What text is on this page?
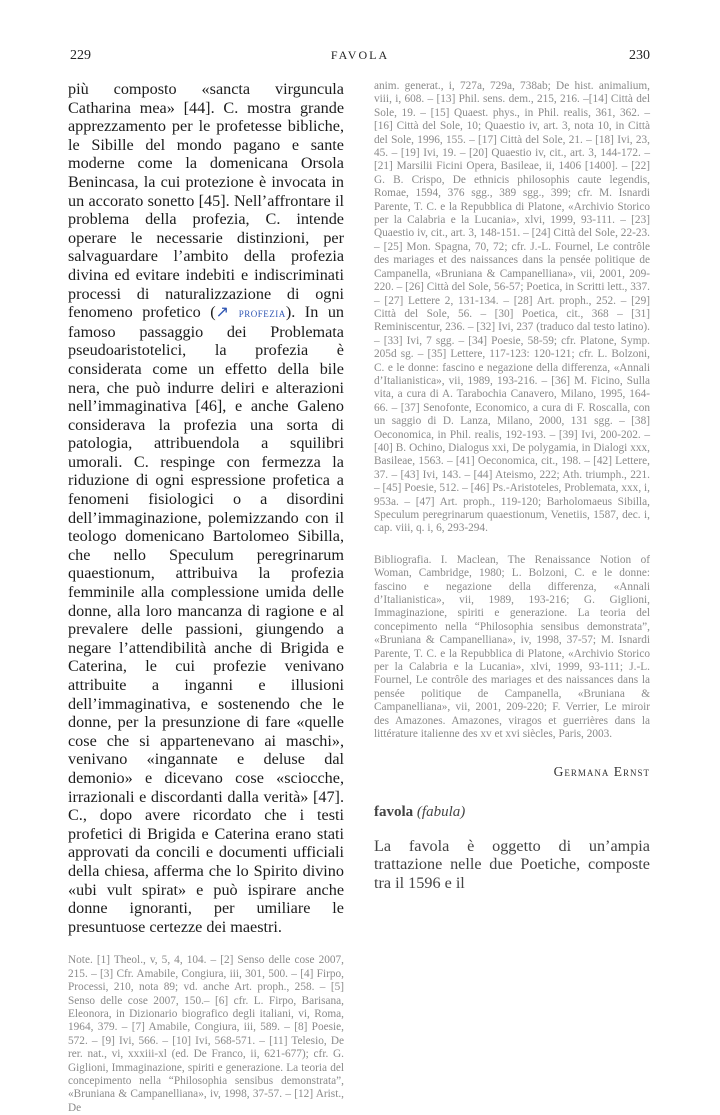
229	FAVOLA	230

più composto «sancta virguncula Catharina mea» [44]. C. mostra grande apprezzamento per le profetesse bibliche, le Sibille del mondo pagano e sante moderne come la domenicana Orsola Benincasa, la cui protezione è invocata in un accorato sonetto [45]. Nell’affrontare il problema della profezia, C. intende operare le necessarie distinzioni, per salvaguardare l’ambito della profezia divina ed evitare indebiti e indiscriminati processi di naturalizzazione di ogni fenomeno profetico (↗ profezia). In un famoso passaggio dei Problemata pseudoaristotelici, la profezia è considerata come un effetto della bile nera, che può indurre deliri e alterazioni nell’immaginativa [46], e anche Galeno considerava la profezia una sorta di patologia, attribuendola a squilibri umorali. C. respinge con fermezza la riduzione di ogni espressione profetica a fenomeni fisiologici o a disordini dell’immaginazione, polemizzando con il teologo domenicano Bartolomeo Sibilla, che nello Speculum peregrinarum quaestionum, attribuiva la profezia femminile alla complessione umida delle donne, alla loro mancanza di ragione e al prevalere delle passioni, giungendo a negare l’attendibilità anche di Brigida e Caterina, le cui profezie venivano attribuite a inganni e illusioni dell’immaginativa, e sostenendo che le donne, per la presunzione di fare «quelle cose che si appartenevano ai maschi», venivano «ingannate e deluse dal demonio» e dicevano cose «sciocche, irrazionali e discordanti dalla verità» [47]. C., dopo avere ricordato che i testi profetici di Brigida e Caterina erano stati approvati da concili e documenti ufficiali della chiesa, afferma che lo Spirito divino «ubi vult spirat» e può ispirare anche donne ignoranti, per umiliare le presuntuose certezze dei maestri.

Note. [1] Theol., v, 5, 4, 104. – [2] Senso delle cose 2007, 215. – [3] Cfr. Amabile, Congiura, iii, 301, 500. – [4] Firpo, Processi, 210, nota 89; vd. anche Art. proph., 258. – [5] Senso delle cose 2007, 150.– [6] cfr. L. Firpo, Barisana, Eleonora, in Dizionario biografico degli italiani, vi, Roma, 1964, 379. – [7] Amabile, Congiura, iii, 589. – [8] Poesie, 572. – [9] Ivi, 566. – [10] Ivi, 568-571. – [11] Telesio, De rer. nat., vi, xxxiii-xl (ed. De Franco, ii, 621-677); cfr. G. Giglioni, Immaginazione, spiriti e generazione. La teoria del concepimento nella “Philosophia sensibus demonstrata”, «Bruniana & Campanelliana», iv, 1998, 37-57. – [12] Arist., De

anim. generat., i, 727a, 729a, 738ab; De hist. animalium, viii, i, 608. – [13] Phil. sens. dem., 215, 216. –[14] Città del Sole, 19. – [15] Quaest. phys., in Phil. realis, 361, 362. – [16] Città del Sole, 10; Quaestio iv, art. 3, nota 10, in Città del Sole, 1996, 155. – [17] Città del Sole, 21. – [18] Ivi, 23, 45. – [19] Ivi, 19. – [20] Quaestio iv, cit., art. 3, 144-172. – [21] Marsilii Ficini Opera, Basileae, ii, 1406 [1400]. – [22] G. B. Crispo, De ethnicis philosophis caute legendis, Romae, 1594, 376 sgg., 389 sgg., 399; cfr. M. Isnardi Parente, T. C. e la Repubblica di Platone, «Archivio Storico per la Calabria e la Lucania», xlvi, 1999, 93-111. – [23] Quaestio iv, cit., art. 3, 148-151. – [24] Città del Sole, 22-23. – [25] Mon. Spagna, 70, 72; cfr. J.-L. Fournel, Le contrôle des mariages et des naissances dans la pensée politique de Campanella, «Bruniana & Campanelliana», vii, 2001, 209-220. – [26] Città del Sole, 56-57; Poetica, in Scritti lett., 337. – [27] Lettere 2, 131-134. – [28] Art. proph., 252. – [29] Città del Sole, 56. – [30] Poetica, cit., 368 – [31] Reminiscentur, 236. – [32] Ivi, 237 (traduco dal testo latino). – [33] Ivi, 7 sgg. – [34] Poesie, 58-59; cfr. Platone, Symp. 205d sg. – [35] Lettere, 117-123: 120-121; cfr. L. Bolzoni, C. e le donne: fascino e negazione della differenza, «Annali d’Italianistica», vii, 1989, 193-216. – [36] M. Ficino, Sulla vita, a cura di A. Tarabochia Canavero, Milano, 1995, 164-66. – [37] Senofonte, Economico, a cura di F. Roscalla, con un saggio di D. Lanza, Milano, 2000, 131 sgg. – [38] Oeconomica, in Phil. realis, 192-193. – [39] Ivi, 200-202. – [40] B. Ochino, Dialogus xxi, De polygamia, in Dialogi xxx, Basileae, 1563. – [41] Oeconomica, cit., 198. – [42] Lettere, 37. – [43] Ivi, 143. – [44] Ateismo, 222; Ath. triumph., 221. – [45] Poesie, 512. – [46] Ps.-Aristoteles, Problemata, xxx, i, 953a. – [47] Art. proph., 119-120; Barholomaeus Sibilla, Speculum peregrinarum quaestionum, Venetiis, 1587, dec. i, cap. viii, q. i, 6, 293-294.

Bibliografia. I. Maclean, The Renaissance Notion of Woman, Cambridge, 1980; L. Bolzoni, C. e le donne: fascino e negazione della differenza, «Annali d’Italianistica», vii, 1989, 193-216; G. Giglioni, Immaginazione, spiriti e generazione. La teoria del concepimento nella “Philosophia sensibus demonstrata”, «Bruniana & Campanelliana», iv, 1998, 37-57; M. Isnardi Parente, T. C. e la Repubblica di Platone, «Archivio Storico per la Calabria e la Lucania», xlvi, 1999, 93-111; J.-L. Fournel, Le contrôle des mariages et des naissances dans la pensée politique de Campanella, «Bruniana & Campanelliana», vii, 2001, 209-220; F. Verrier, Le miroir des Amazones. Amazones, viragos et guerrières dans la littérature italienne des xv et xvi siècles, Paris, 2003.

Germana Ernst

favola (fabula)

La favola è oggetto di un’ampia trattazione nelle due Poetiche, composte tra il 1596 e il
